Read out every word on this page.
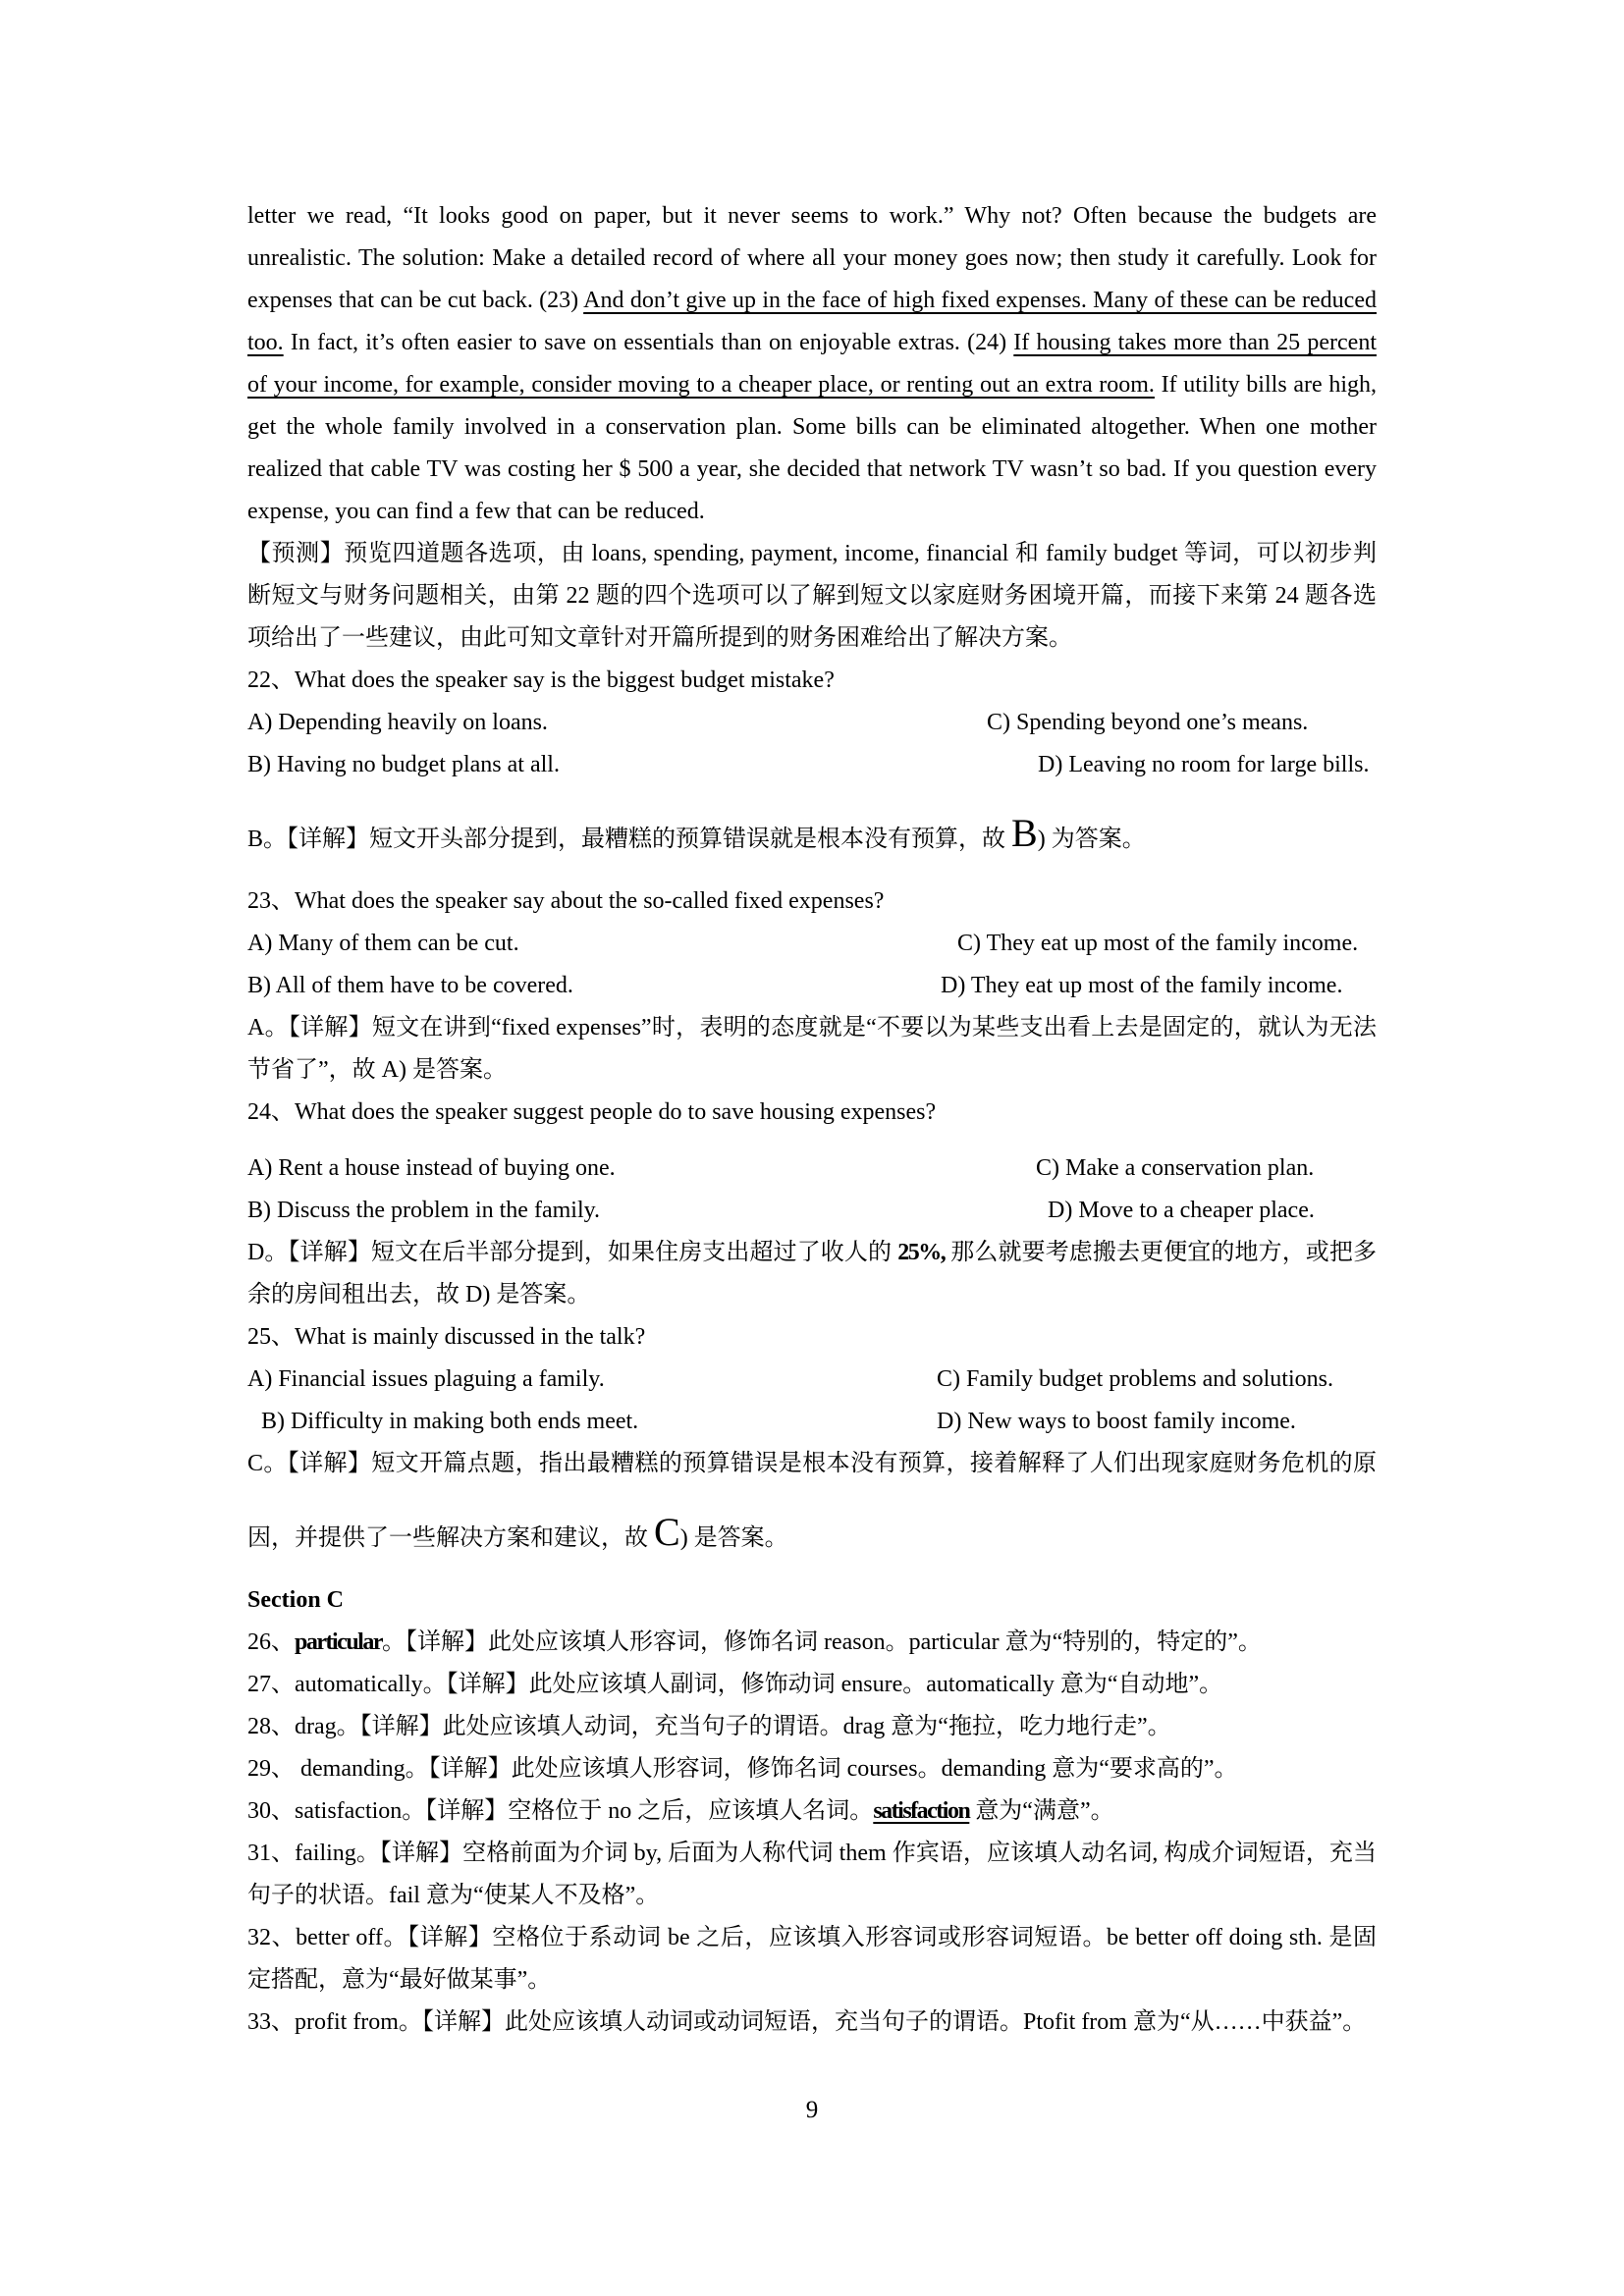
letter we read, “It looks good on paper, but it never seems to work.” Why not? Often because the budgets are unrealistic. The solution: Make a detailed record of where all your money goes now; then study it carefully. Look for expenses that can be cut back. (23) And don’t give up in the face of high fixed expenses. Many of these can be reduced too. In fact, it’s often easier to save on essentials than on enjoyable extras. (24) If housing takes more than 25 percent of your income, for example, consider moving to a cheaper place, or renting out an extra room. If utility bills are high, get the whole family involved in a conservation plan. Some bills can be eliminated altogether. When one mother realized that cable TV was costing her $ 500 a year, she decided that network TV wasn’t so bad. If you question every expense, you can find a few that can be reduced.

【预测】预览四道题各选项，由 loans, spending, payment, income, financial 和 family budget 等词，可以初步判断短文与财务问题相关，由第 22 题的四个选项可以了解到短文以家庭财务困境开篇，而接下来第 24 题各选项给出了一些建议，由此可知文章针对开篇所提到的财务困难给出了解决方案。

22、What does the speaker say is the biggest budget mistake?

A) Depending heavily on loans.	C) Spending beyond one’s means.
B) Having no budget plans at all.	D) Leaving no room for large bills.

B。【详解】短文开头部分提到，最糟糕的预算错误就是根本没有预算，故 B) 为答案。

23、What does the speaker say about the so-called fixed expenses?

A) Many of them can be cut.	C) They eat up most of the family income.
B) All of them have to be covered.	D) They eat up most of the family income.

A。【详解】短文在讲到“fixed expenses”时，表明的态度就是“不要以为某些支出看上去是固定的，就认为无法节省了”，故 A) 是答案。

24、What does the speaker suggest people do to save housing expenses?

A) Rent a house instead of buying one.	C) Make a conservation plan.
B) Discuss the problem in the family.	D) Move to a cheaper place.

D。【详解】短文在后半部分提到，如果住房支出超过了收人的 25%, 那么就要考虑搬去更便宜的地方，或把多余的房间租出去，故 D) 是答案。

25、What is mainly discussed in the talk?

A) Financial issues plaguing a family.	C) Family budget problems and solutions.
B) Difficulty in making both ends meet.	D) New ways to boost family income.

C。【详解】短文开篇点题，指出最糟糕的预算错误是根本没有预算，接着解释了人们出现家庭财务危机的原因，并提供了一些解决方案和建议，故 C) 是答案。

Section C

26、particular。【详解】此处应该填人形容词，修饰名词 reason。particular 意为“特别的，特定的”。

27、automatically。【详解】此处应该填人副词，修饰动词 ensure。automatically 意为“自动地”。

28、drag。【详解】此处应该填人动词，充当句子的谓语。drag 意为“拖拉，吃力地行走”。

29、 demanding。【详解】此处应该填人形容词，修饰名词 courses。demanding 意为“要求高的”。

30、satisfaction。【详解】空格位于 no 之后，应该填人名词。satisfaction 意为“满意”。

31、failing。【详解】空格前面为介词 by, 后面为人称代词 them 作宾语，应该填人动名词, 构成介词短语，充当句子的状语。fail 意为“使某人不及格”。

32、better off。【详解】空格位于系动词 be 之后，应该填入形容词或形容词短语。be better off doing sth. 是固定搭配，意为“最好做某事”。

33、profit from。【详解】此处应该填人动词或动词短语，充当句子的谓语。Ptofit from 意为“从……中获益”。

9
